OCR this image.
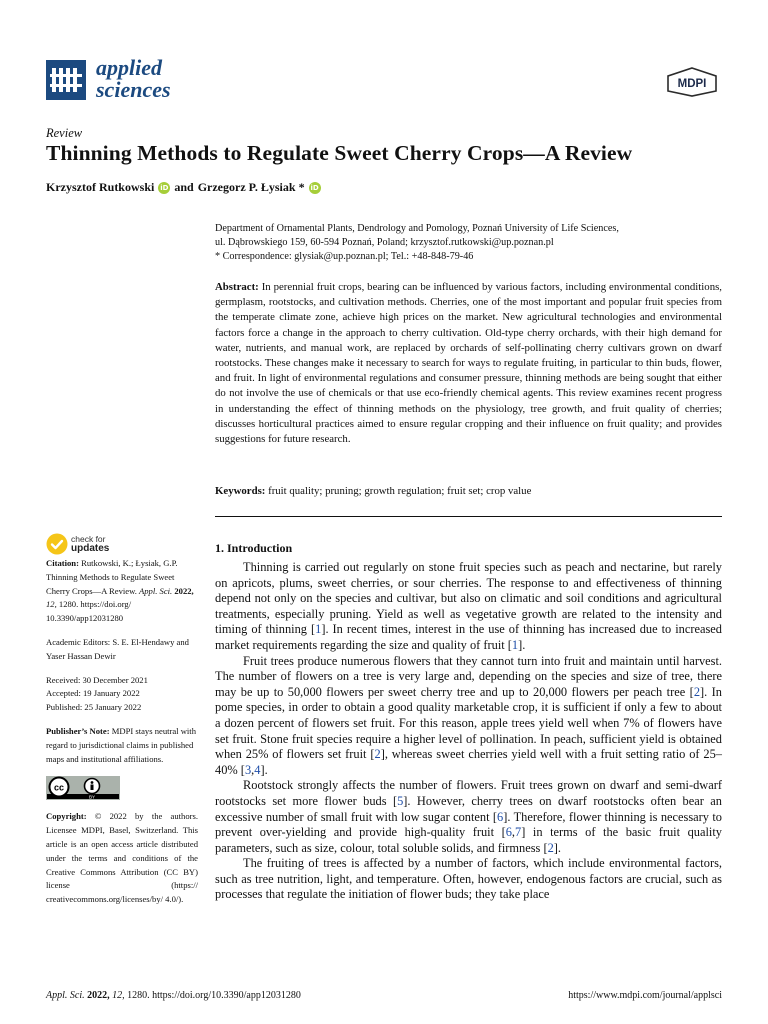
applied
sciences	MDPI
Review
Thinning Methods to Regulate Sweet Cherry Crops—A Review
Krzysztof Rutkowski iD and Grzegorz P. Łysiak * iD
Department of Ornamental Plants, Dendrology and Pomology, Poznań University of Life Sciences,
ul. Dąbrowskiego 159, 60-594 Poznań, Poland; krzysztof.rutkowski@up.poznan.pl
* Correspondence: glysiak@up.poznan.pl; Tel.: +48-848-79-46
Abstract: In perennial fruit crops, bearing can be influenced by various factors, including environmental conditions, germplasm, rootstocks, and cultivation methods. Cherries, one of the most important and popular fruit species from the temperate climate zone, achieve high prices on the market. New agricultural technologies and environmental factors force a change in the approach to cherry cultivation. Old-type cherry orchards, with their high demand for water, nutrients, and manual work, are replaced by orchards of self-pollinating cherry cultivars grown on dwarf rootstocks. These changes make it necessary to search for ways to regulate fruiting, in particular to thin buds, flower, and fruit. In light of environmental regulations and consumer pressure, thinning methods are being sought that either do not involve the use of chemicals or that use eco-friendly chemical agents. This review examines recent progress in understanding the effect of thinning methods on the physiology, tree growth, and fruit quality of cherries; discusses horticultural practices aimed to ensure regular cropping and their influence on fruit quality; and provides suggestions for future research.
Keywords: fruit quality; pruning; growth regulation; fruit set; crop value
check for
updates
Citation: Rutkowski, K.; Łysiak, G.P. Thinning Methods to Regulate Sweet Cherry Crops—A Review. Appl. Sci. 2022, 12, 1280. https://doi.org/ 10.3390/app12031280
Academic Editors: S. E. El-Hendawy and Yaser Hassan Dewir
Received: 30 December 2021
Accepted: 19 January 2022
Published: 25 January 2022
Publisher’s Note: MDPI stays neutral with regard to jurisdictional claims in published maps and institutional affiliations.
cc
BY
Copyright: © 2022 by the authors. Licensee MDPI, Basel, Switzerland. This article is an open access article distributed under the terms and conditions of the Creative Commons Attribution (CC BY) license (https:// creativecommons.org/licenses/by/ 4.0/).
1. Introduction

Thinning is carried out regularly on stone fruit species such as peach and nectarine, but rarely on apricots, plums, sweet cherries, or sour cherries. The response to and effectiveness of thinning depend not only on the species and cultivar, but also on climatic and soil conditions and agricultural treatments, especially pruning. Yield as well as vegetative growth are related to the intensity and timing of thinning [1]. In recent times, interest in the use of thinning has increased due to increased market requirements regarding the size and quality of fruit [1].

Fruit trees produce numerous flowers that they cannot turn into fruit and maintain until harvest. The number of flowers on a tree is very large and, depending on the species and size of tree, there may be up to 50,000 flowers per sweet cherry tree and up to 20,000 flowers per peach tree [2]. In pome species, in order to obtain a good quality marketable crop, it is sufficient if only a few to about a dozen percent of flowers set fruit. For this reason, apple trees yield well when 7% of flowers have set fruit. Stone fruit species require a higher level of pollination. In peach, sufficient yield is obtained when 25% of flowers set fruit [2], whereas sweet cherries yield well with a fruit setting ratio of 25–40% [3,4].

Rootstock strongly affects the number of flowers. Fruit trees grown on dwarf and semi-dwarf rootstocks set more flower buds [5]. However, cherry trees on dwarf rootstocks often bear an excessive number of small fruit with low sugar content [6]. Therefore, flower thinning is necessary to prevent over-yielding and provide high-quality fruit [6,7] in terms of the basic fruit quality parameters, such as size, colour, total soluble solids, and firmness [2].

The fruiting of trees is affected by a number of factors, which include environmental factors, such as tree nutrition, light, and temperature. Often, however, endogenous factors are crucial, such as processes that regulate the initiation of flower buds; they take place

Appl. Sci. 2022, 12, 1280. https://doi.org/10.3390/app12031280	https://www.mdpi.com/journal/applsci
